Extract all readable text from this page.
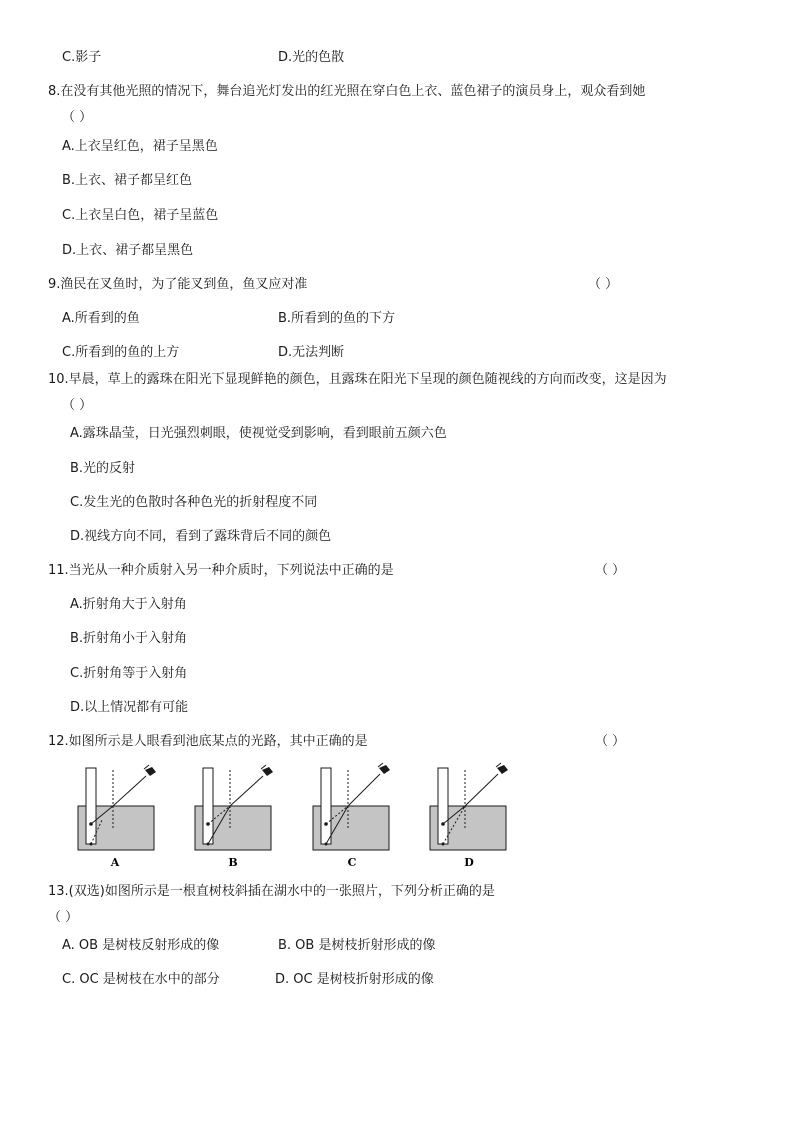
C.影子	D.光的色散
8.在没有其他光照的情况下，舞台追光灯发出的红光照在穿白色上衣、蓝色裙子的演员身上，观众看到她
（ ）
A.上衣呈红色，裙子呈黑色
B.上衣、裙子都呈红色
C.上衣呈白色，裙子呈蓝色
D.上衣、裙子都呈黑色
9.渔民在叉鱼时，为了能叉到鱼，鱼叉应对准	（ ）
A.所看到的鱼	B.所看到的鱼的下方
C.所看到的鱼的上方	D.无法判断
10.早晨，草上的露珠在阳光下显现鲜艳的颜色，且露珠在阳光下呈现的颜色随视线的方向而改变，这是因为
（ ）
A.露珠晶莹，日光强烈刺眼，使视觉受到影响，看到眼前五颜六色
B.光的反射
C.发生光的色散时各种色光的折射程度不同
D.视线方向不同，看到了露珠背后不同的颜色
11.当光从一种介质射入另一种介质时，下列说法中正确的是	（ ）
A.折射角大于入射角
B.折射角小于入射角
C.折射角等于入射角
D.以上情况都有可能
12.如图所示是人眼看到池底某点的光路，其中正确的是	（ ）
A	B	C	D
13.(双选)如图所示是一根直树枝斜插在湖水中的一张照片，下列分析正确的是
（ ）
A. OB 是树枝反射形成的像	B. OB 是树枝折射形成的像
C. OC 是树枝在水中的部分	D. OC 是树枝折射形成的像
